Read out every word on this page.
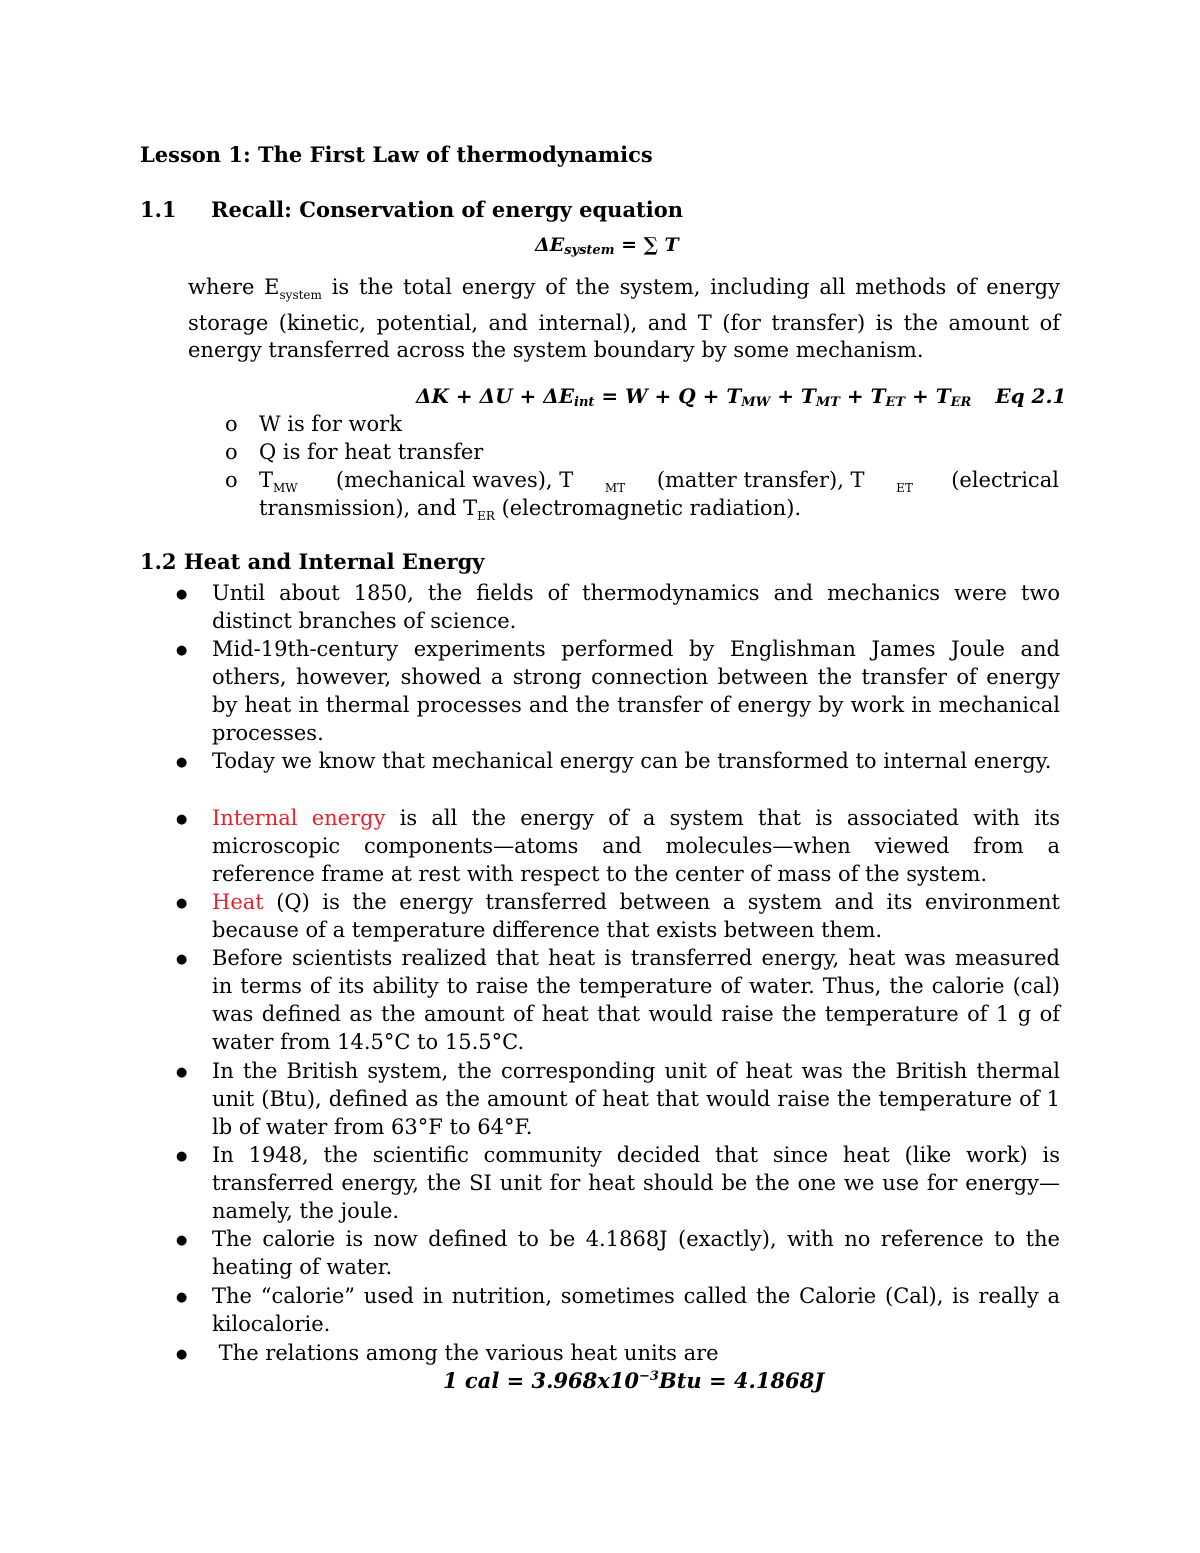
Lesson 1: The First Law of thermodynamics
1.1 Recall: Conservation of energy equation
$\Delta E_{system}$ = ∑ T
where $E_{system}$ is the total energy of the system, including all methods of energy storage (kinetic, potential, and internal), and T (for transfer) is the amount of energy transferred across the system boundary by some mechanism.
$\Delta K + \Delta U + \Delta E_{int} = W + Q + T_{MW} + T_{MT} + T_{ET} + T_{ER}$ Eq 2.1
o W is for work
o Q is for heat transfer
o $T_{MW}$ (mechanical waves), T	$_{MT}$ (matter transfer), T	$_{ET}$ (electrical
transmission), and $T_{ER}$ (electromagnetic radiation).
1.2 Heat and Internal Energy
● Until about 1850, the fields of thermodynamics and mechanics were two distinct branches of science.
● Mid-19th-century experiments performed by Englishman James Joule and others, however, showed a strong connection between the transfer of energy by heat in thermal processes and the transfer of energy by work in mechanical processes.
● Today we know that mechanical energy can be transformed to internal energy.
● Internal energy is all the energy of a system that is associated with its microscopic components—atoms and molecules—when viewed from a reference frame at rest with respect to the center of mass of the system.
● Heat (Q) is the energy transferred between a system and its environment because of a temperature difference that exists between them.
● Before scientists realized that heat is transferred energy, heat was measured in terms of its ability to raise the temperature of water. Thus, the calorie (cal) was defined as the amount of heat that would raise the temperature of 1 g of water from 14.5°C to 15.5°C.
● In the British system, the corresponding unit of heat was the British thermal unit (Btu), defined as the amount of heat that would raise the temperature of 1 lb of water from 63°F to 64°F.
● In 1948, the scientific community decided that since heat (like work) is transferred energy, the SI unit for heat should be the one we use for energy— namely, the joule.
● The calorie is now defined to be 4.1868J (exactly), with no reference to the heating of water.
● The “calorie” used in nutrition, sometimes called the Calorie (Cal), is really a kilocalorie.
● The relations among the various heat units are
1 cal = $3.968x10^{-3}Btu = 4.1868J$
